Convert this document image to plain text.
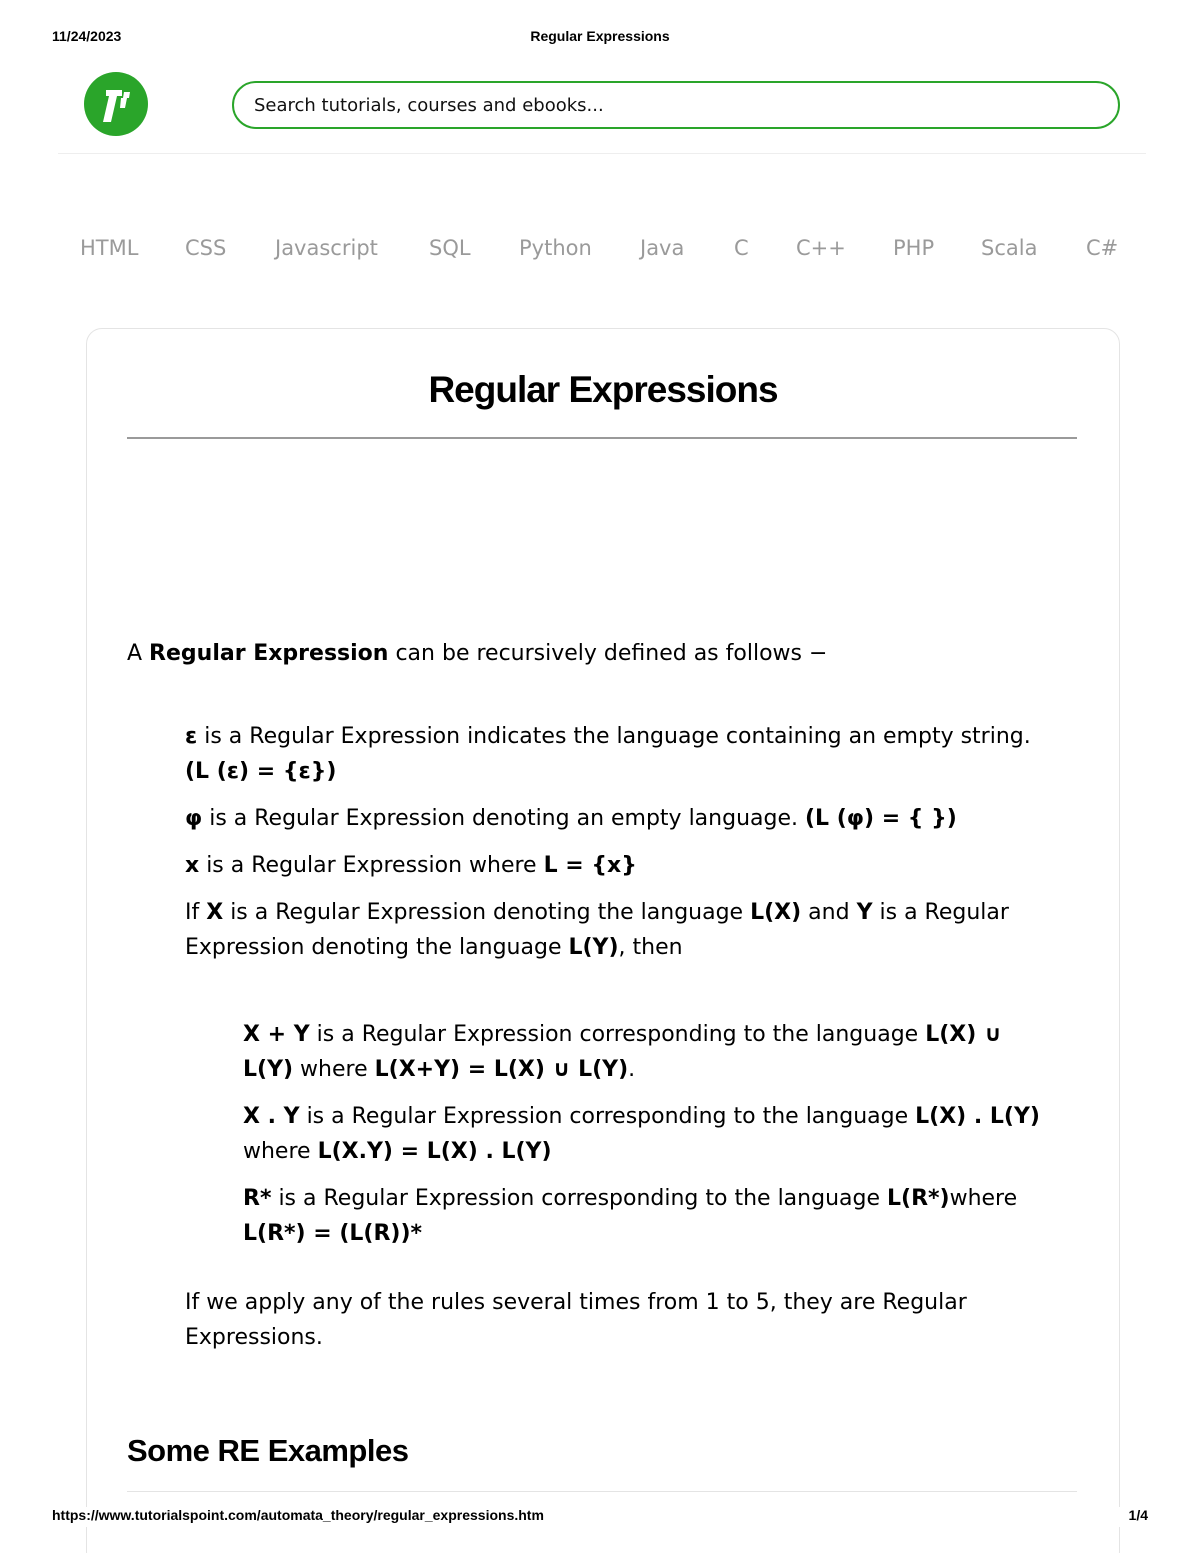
11/24/2023	Regular Expressions
Search tutorials, courses and ebooks...
HTML CSS Javascript SQL Python Java C C++ PHP Scala C#
Regular Expressions

A Regular Expression can be recursively defined as follows −

ε is a Regular Expression indicates the language containing an empty string. (L (ε) = {ε})
φ is a Regular Expression denoting an empty language. (L (φ) = { })
x is a Regular Expression where L = {x}
If X is a Regular Expression denoting the language L(X) and Y is a Regular Expression denoting the language L(Y), then
X + Y is a Regular Expression corresponding to the language L(X) ∪ L(Y) where L(X+Y) = L(X) ∪ L(Y).
X . Y is a Regular Expression corresponding to the language L(X) . L(Y) where L(X.Y) = L(X) . L(Y)
R* is a Regular Expression corresponding to the language L(R*)where L(R*) = (L(R))*

If we apply any of the rules several times from 1 to 5, they are Regular Expressions.

Some RE Examples
https://www.tutorialspoint.com/automata_theory/regular_expressions.htm	1/4
